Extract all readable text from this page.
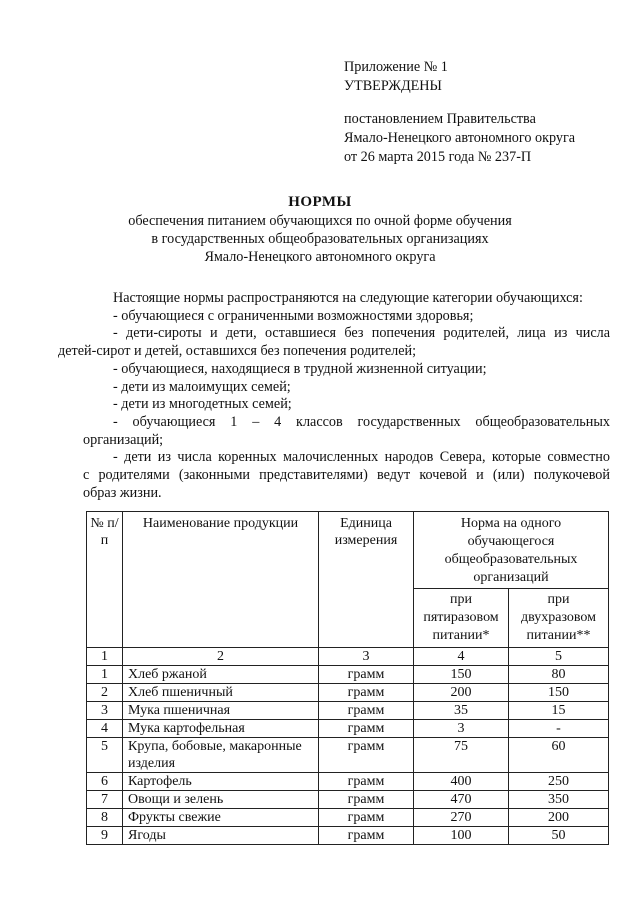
Приложение № 1
УТВЕРЖДЕНЫ
постановлением Правительства
Ямало-Ненецкого автономного округа
от 26 марта 2015 года № 237-П
НОРМЫ
обеспечения питанием обучающихся по очной форме обучения
в государственных общеобразовательных организациях
Ямало-Ненецкого автономного округа

Настоящие нормы распространяются на следующие категории обучающихся:

- обучающиеся с ограниченными возможностями здоровья;

- дети-сироты и дети, оставшиеся без попечения родителей, лица из числа

детей-сирот и детей, оставшихся без попечения родителей;

- обучающиеся, находящиеся в трудной жизненной ситуации;

- дети из малоимущих семей;

- дети из многодетных семей;

- обучающиеся 1 – 4 классов государственных общеобразовательных

организаций;

- дети из числа коренных малочисленных народов Севера, которые совместно

с родителями (законными представителями) ведут кочевой и (или) полукочевой

образ жизни.

№ п/п	Наименование продукции	Единица измерения	Норма на одного обучающегося общеобразовательных организаций	
			при пятиразовом питании*	при двухразовом питании**
1	2	3	4	5
1	Хлеб ржаной	грамм	150	80
2	Хлеб пшеничный	грамм	200	150
3	Мука пшеничная	грамм	35	15
4	Мука картофельная	грамм	3	-
5	Крупа, бобовые, макаронные изделия	грамм	75	60
6	Картофель	грамм	400	250
7	Овощи и зелень	грамм	470	350
8	Фрукты свежие	грамм	270	200
9	Ягоды	грамм	100	50
